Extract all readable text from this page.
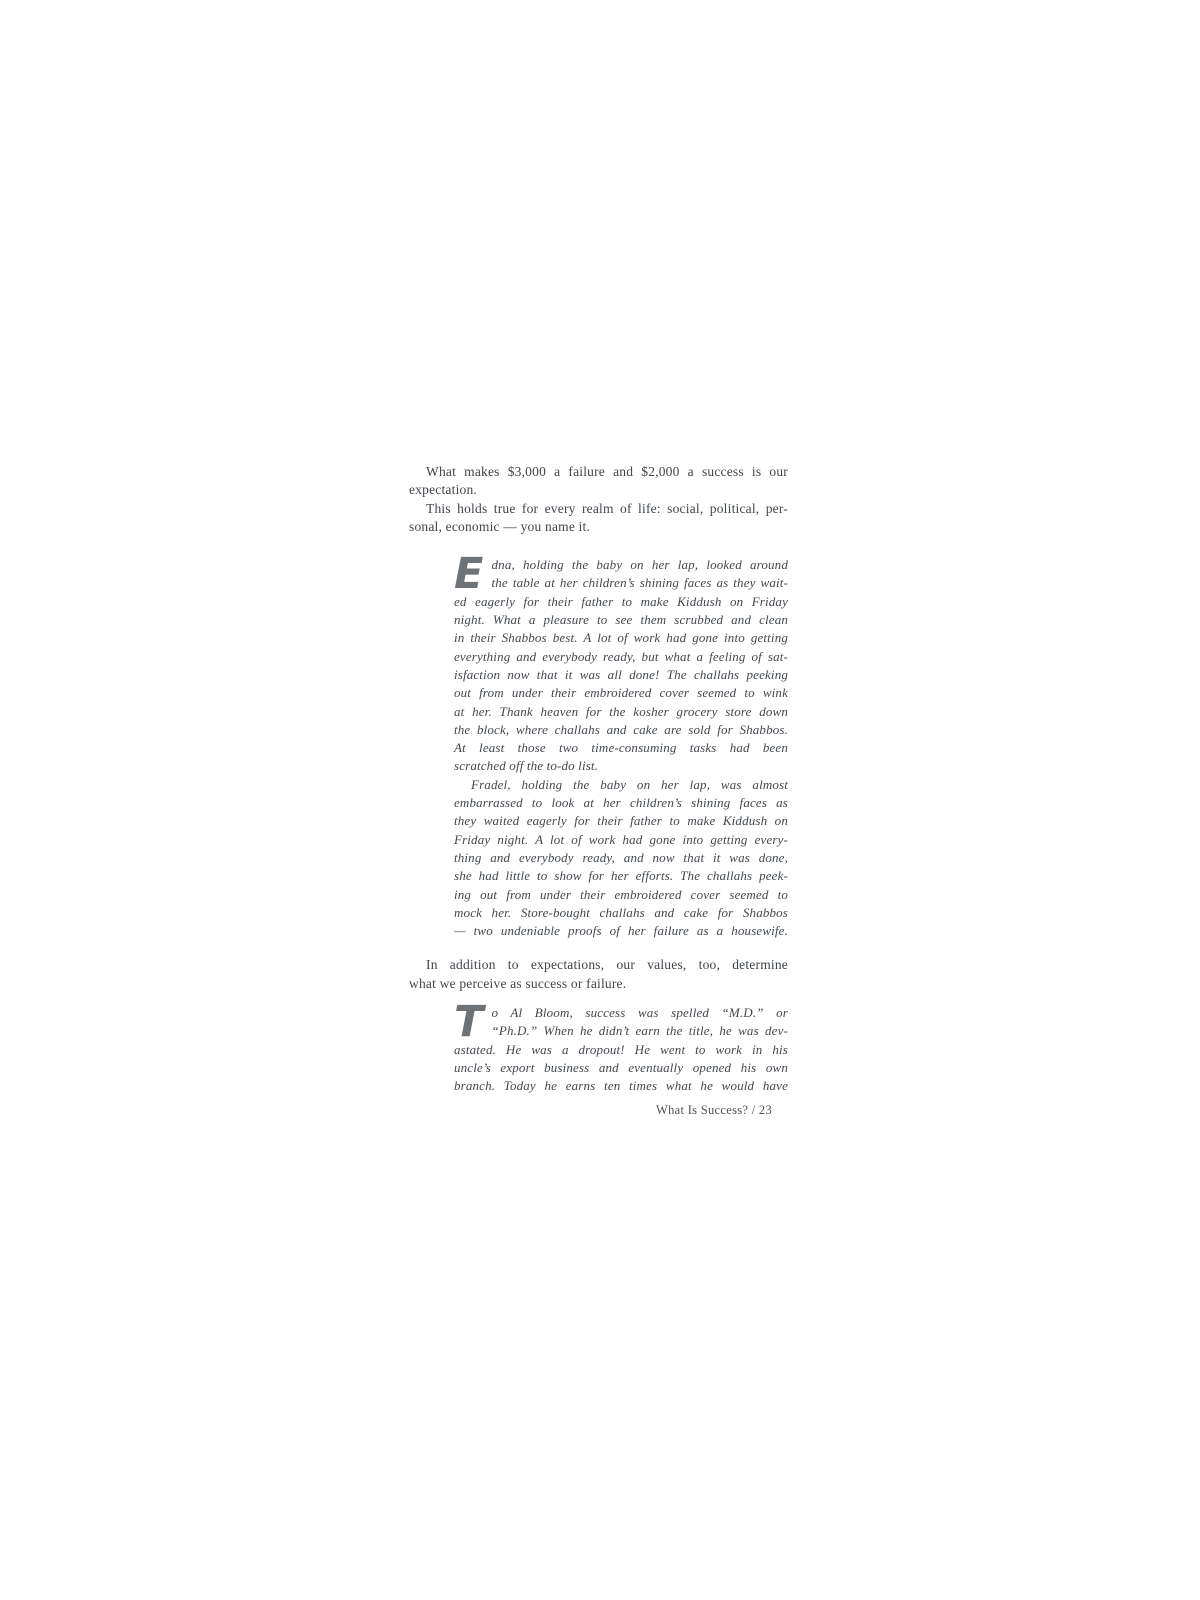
What makes $3,000 a failure and $2,000 a success is our
expectation.
This holds true for every realm of life: social, political, per-
sonal, economic — you name it.
E dna, holding the baby on her lap, looked around
the table at her children’s shining faces as they wait-
ed eagerly for their father to make Kiddush on Friday
night. What a pleasure to see them scrubbed and clean
in their Shabbos best. A lot of work had gone into getting
everything and everybody ready, but what a feeling of sat-
isfaction now that it was all done! The challahs peeking
out from under their embroidered cover seemed to wink
at her. Thank heaven for the kosher grocery store down
the block, where challahs and cake are sold for Shabbos.
At least those two time-consuming tasks had been
scratched off the to-do list.
Fradel, holding the baby on her lap, was almost
embarrassed to look at her children’s shining faces as
they waited eagerly for their father to make Kiddush on
Friday night. A lot of work had gone into getting every-
thing and everybody ready, and now that it was done,
she had little to show for her efforts. The challahs peek-
ing out from under their embroidered cover seemed to
mock her. Store-bought challahs and cake for Shabbos
— two undeniable proofs of her failure as a housewife.
In addition to expectations, our values, too, determine
what we perceive as success or failure.
T o Al Bloom, success was spelled “M.D.” or
“Ph.D.” When he didn’t earn the title, he was dev-
astated. He was a dropout! He went to work in his
uncle’s export business and eventually opened his own
branch. Today he earns ten times what he would have
What Is Success? / 23
